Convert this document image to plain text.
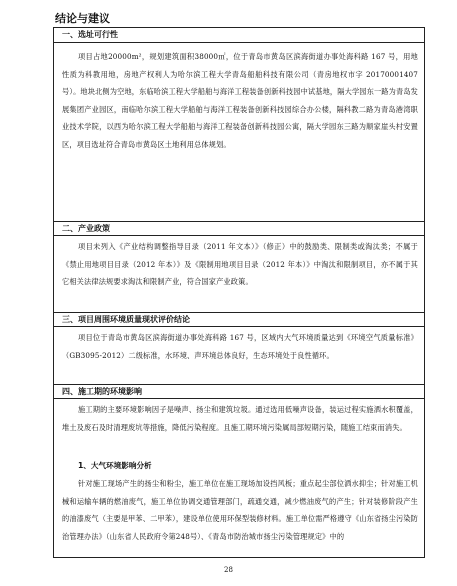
结论与建议
一、选址可行性
项目占地20000m²，规划建筑面积38000㎡，位于青岛市黄岛区滨海街道办事处海科路 167 号，用地性质为科教用地，房地产权利人为哈尔滨工程大学青岛船舶科技有限公司（青房地权市字 20170001407 号）。地块北侧为空地，东临哈滨工程大学船舶与海洋工程装备创新科技园中试基地，隔大学园东一路为青岛发展集团产业园区，南临哈尔滨工程大学船舶与海洋工程装备创新科技园综合办公楼，隔科教二路为青岛港湾职业技术学院，以西为哈尔滨工程大学船舶与海洋工程装备创新科技园公寓，隔大学园东三路为顺家崖头村安置区，项目选址符合青岛市黄岛区土地利用总体规划。
二、产业政策
项目未列入《产业结构调整指导目录（2011 年文本）》（修正）中的鼓励类、限制类或淘汰类；不属于《禁止用地项目目录（2012 年本）》及《限制用地项目目录（2012 年本）》中淘汰和限制项目，亦不属于其它相关法律法规要求淘汰和限制产业，符合国家产业政策。
三、项目周围环境质量现状评价结论
项目位于青岛市黄岛区滨海街道办事处海科路 167 号，区域内大气环境质量达到《环境空气质量标准》（GB3095-2012）二级标准，水环境、声环境总体良好，生态环境处于良性循环。
四、施工期的环境影响
施工期的主要环境影响因子是噪声、扬尘和建筑垃圾。通过选用低噪声设备，装运过程实施洒水积覆盖，堆土及废石及时清理废坑等措施，降低污染程度。且施工期环境污染属局部短期污染，随施工结束而消失。
1、大气环境影响分析
针对施工现场产生的扬尘和粉尘，施工单位在施工现场加设挡风板；重点起尘部位洒水抑尘；针对施工机械和运输车辆的燃油废气，施工单位协调交通管理部门，疏通交通，减少燃油废气的产生；针对装修阶段产生的油漆废气（主要是甲苯、二甲苯），建设单位使用环保型装修材料。施工单位需严格遵守《山东省扬尘污染防治管理办法》（山东省人民政府令第248号）、《青岛市防治城市扬尘污染管理规定》中的
28
